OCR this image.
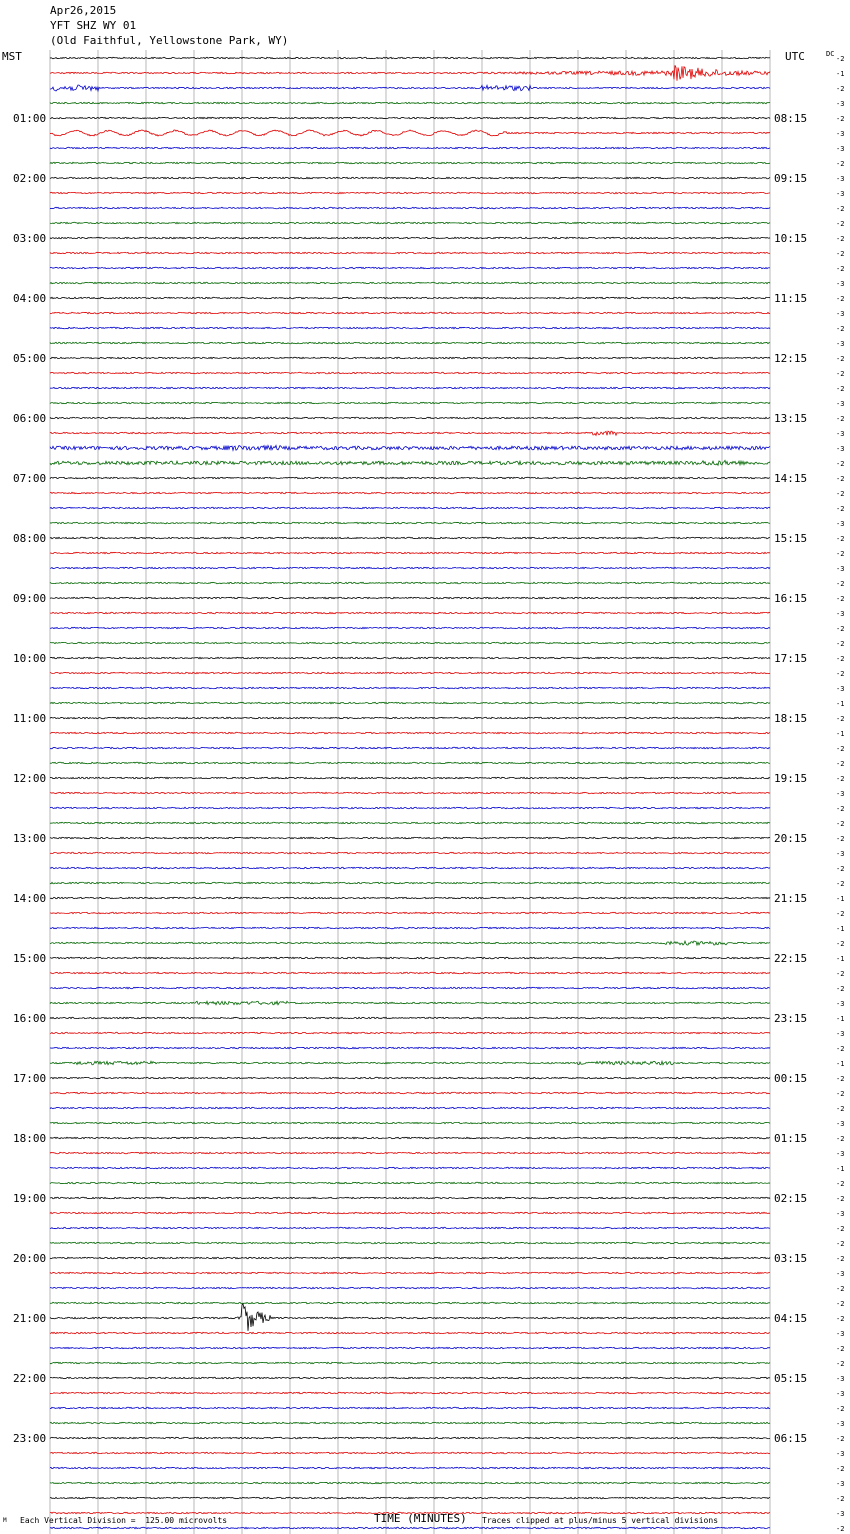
Apr26,2015
YFT SHZ WY 01
(Old Faithful, Yellowstone Park, WY)
MST	UTC
01:00
02:00
03:00
04:00
05:00
06:00
07:00
08:00
09:00
10:00
11:00
12:00
13:00
14:00
15:00
16:00
17:00
18:00
19:00
20:00
21:00
22:00
23:00
08:15
09:15
10:15
11:15
12:15
13:15
14:15
15:15
16:15
17:15
18:15
19:15
20:15
21:15
22:15
23:15
00:15
01:15
02:15
03:15
04:15
05:15
06:15
DC
-2
-1
-2
-3
-2
-3
-3
-2
-3
-3
-2
-2
-2
-2
-2
-3
-2
-3
-2
-3
-2
-2
-2
-3
-2
-3
-3
-2
-2
-2
-2
-3
-2
-2
-3
-2
-2
-3
-2
-2
-2
-2
-3
-1
-2
-1
-2
-2
-2
-3
-2
-2
-2
-3
-2
-2
-1
-2
-1
-2
-1
-2
-2
-3
-1
-3
-2
-1
-2
-2
-2
-3
-2
-3
-1
-2
-2
-3
-2
-2
-2
-3
-2
-2
-2
-3
-2
-2
-3
-3
-2
-3
-2
-3
-2
-3
-2
-3
-2
M Each Vertical Division =  125.00 microvolts	TIME (MINUTES) Traces clipped at plus/minus 5 vertical divisions
